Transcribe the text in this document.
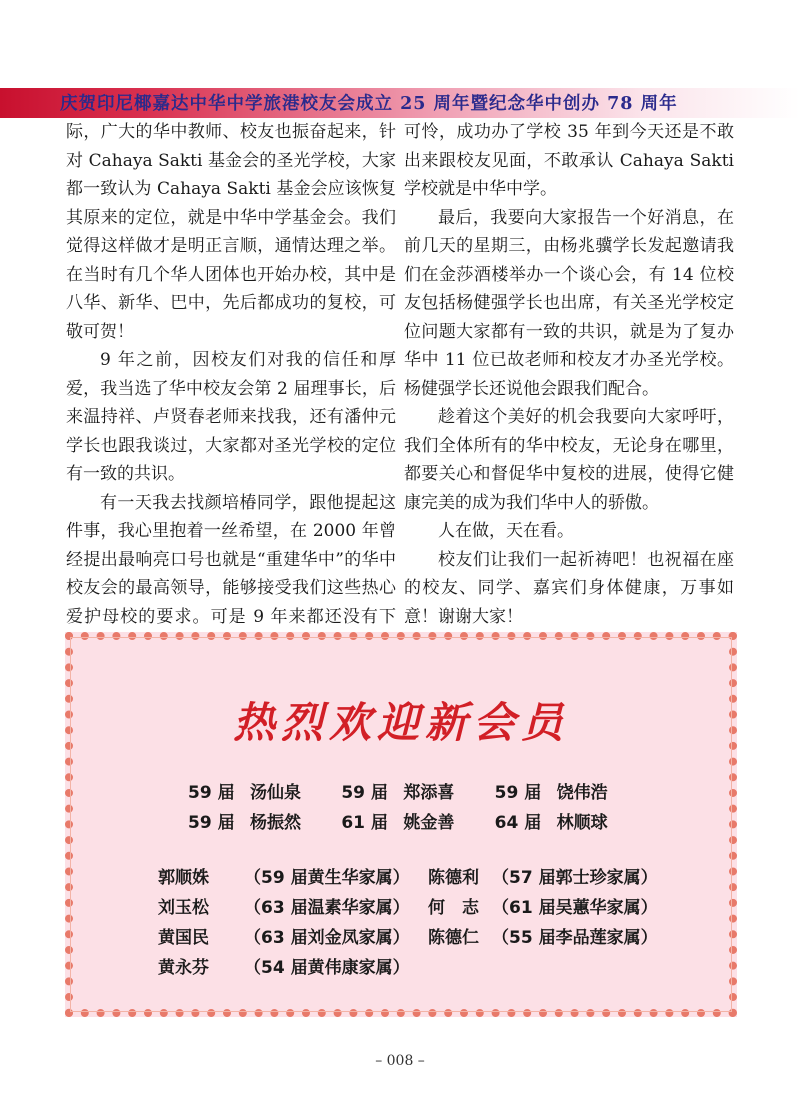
庆贺印尼椰嘉达中华中学旅港校友会成立 25 周年暨纪念华中创办 78 周年

际，广大的华中教师、校友也振奋起来，针对 Cahaya Sakti 基金会的圣光学校，大家都一致认为 Cahaya Sakti 基金会应该恢复其原来的定位，就是中华中学基金会。我们觉得这样做才是明正言顺，通情达理之举。在当时有几个华人团体也开始办校，其中是八华、新华、巴中，先后都成功的复校，可敬可贺！

9 年之前，因校友们对我的信任和厚爱，我当选了华中校友会第 2 届理事长，后来温持祥、卢贤春老师来找我，还有潘仲元学长也跟我谈过，大家都对圣光学校的定位有一致的共识。

有一天我去找颜培椿同学，跟他提起这件事，我心里抱着一丝希望，在 2000 年曾经提出最响亮口号也就是“重建华中”的华中校友会的最高领导，能够接受我们这些热心爱护母校的要求。可是 9 年来都还没有下

可怜，成功办了学校 35 年到今天还是不敢出来跟校友见面，不敢承认 Cahaya Sakti 学校就是中华中学。

最后，我要向大家报告一个好消息，在前几天的星期三，由杨兆骥学长发起邀请我们在金莎酒楼举办一个谈心会，有 14 位校友包括杨健强学长也出席，有关圣光学校定位问题大家都有一致的共识，就是为了复办华中 11 位已故老师和校友才办圣光学校。杨健强学长还说他会跟我们配合。

趁着这个美好的机会我要向大家呼吁，我们全体所有的华中校友，无论身在哪里，都要关心和督促华中复校的进展，使得它健康完美的成为我们华中人的骄傲。

人在做，天在看。

校友们让我们一起祈祷吧！也祝福在座的校友、同学、嘉宾们身体健康，万事如意！谢谢大家！

热烈欢迎新会员
59 届 汤仙泉 59 届 郑添喜 59 届 饶伟浩
59 届 杨振然 61 届 姚金善 64 届 林顺球
郭顺姝	（59 届黄生华家属） 陈德利 （57 届郭士珍家属）
刘玉松	（63 届温素华家属） 何　志 （61 届吴蕙华家属）
黄国民	（63 届刘金凤家属） 陈德仁 （55 届李品莲家属）
黄永芬	（54 届黄伟康家属）
– 008 –
